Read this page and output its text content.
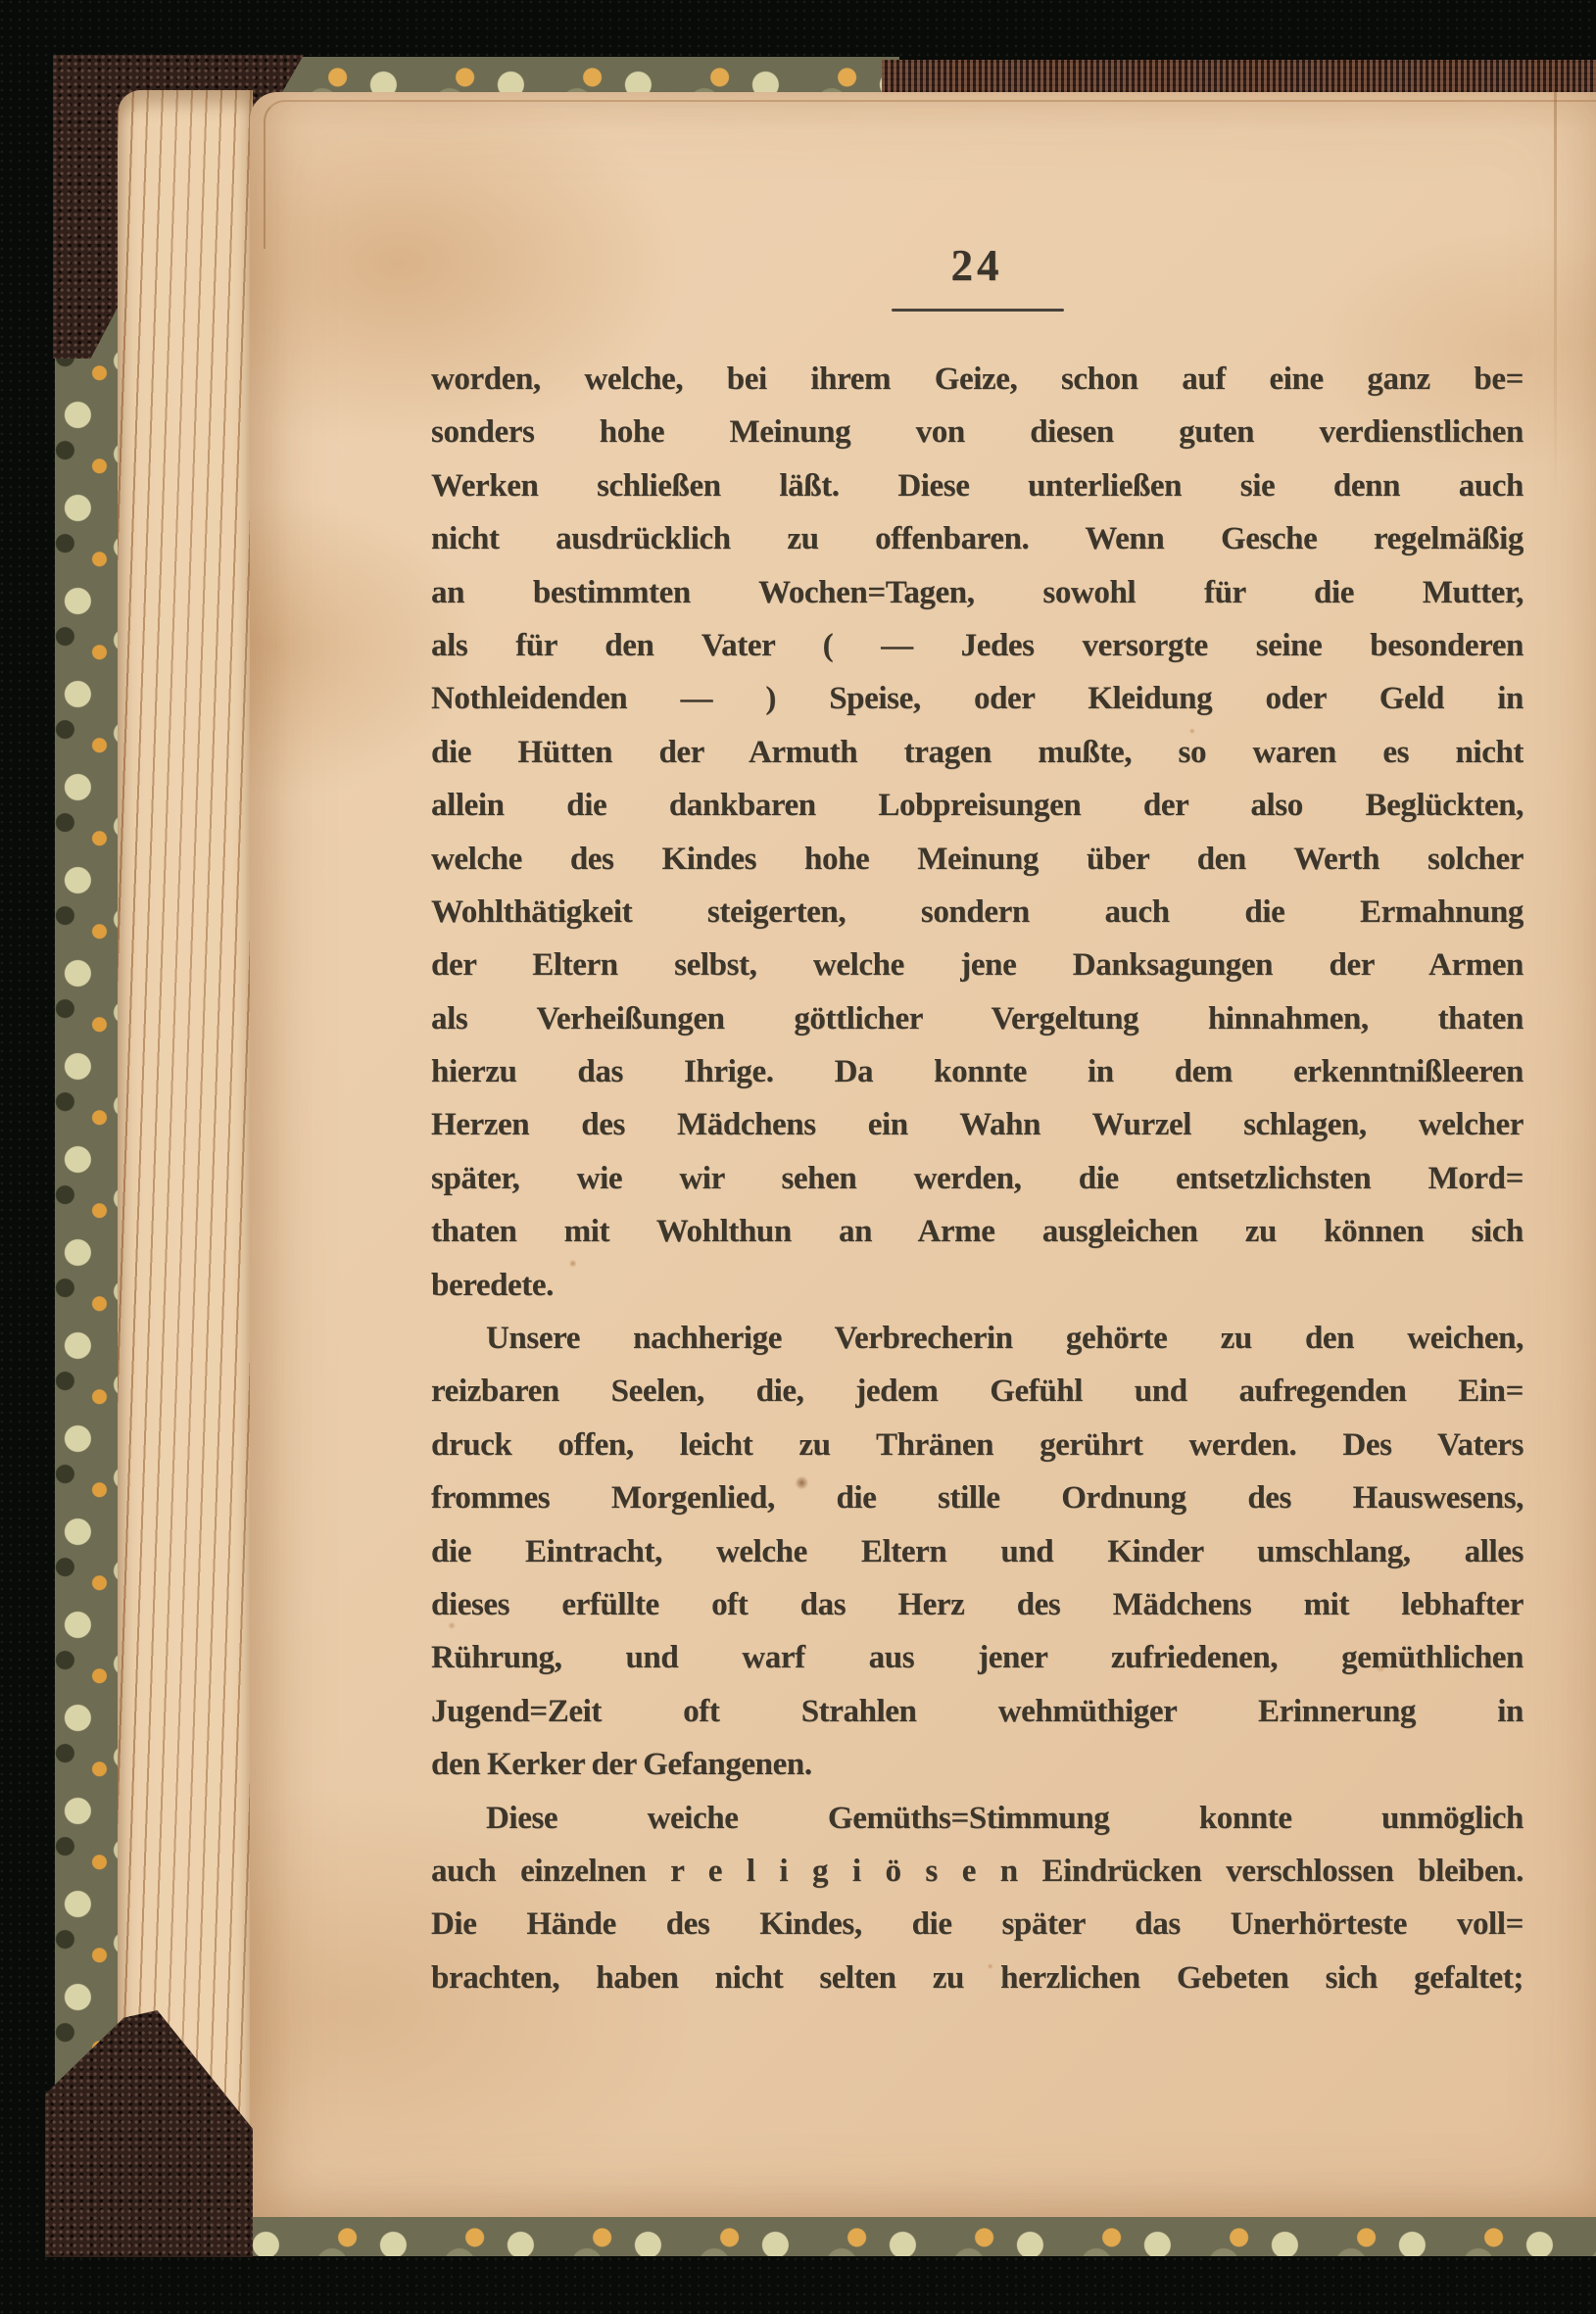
24
worden, welche, bei ihrem Geize, schon auf eine ganz be=
sonders hohe Meinung von diesen guten verdienstlichen
Werken schließen läßt. Diese unterließen sie denn auch
nicht ausdrücklich zu offenbaren. Wenn Gesche regelmäßig
an bestimmten Wochen=Tagen, sowohl für die Mutter,
als für den Vater ( — Jedes versorgte seine besonderen
Nothleidenden — ) Speise, oder Kleidung oder Geld in
die Hütten der Armuth tragen mußte, so waren es nicht
allein die dankbaren Lobpreisungen der also Beglückten,
welche des Kindes hohe Meinung über den Werth solcher
Wohlthätigkeit steigerten, sondern auch die Ermahnung
der Eltern selbst, welche jene Danksagungen der Armen
als Verheißungen göttlicher Vergeltung hinnahmen, thaten
hierzu das Ihrige. Da konnte in dem erkenntnißleeren
Herzen des Mädchens ein Wahn Wurzel schlagen, welcher
später, wie wir sehen werden, die entsetzlichsten Mord=
thaten mit Wohlthun an Arme ausgleichen zu können sich
beredete.
Unsere nachherige Verbrecherin gehörte zu den weichen,
reizbaren Seelen, die, jedem Gefühl und aufregenden Ein=
druck offen, leicht zu Thränen gerührt werden. Des Vaters
frommes Morgenlied, die stille Ordnung des Hauswesens,
die Eintracht, welche Eltern und Kinder umschlang, alles
dieses erfüllte oft das Herz des Mädchens mit lebhafter
Rührung, und warf aus jener zufriedenen, gemüthlichen
Jugend=Zeit oft Strahlen wehmüthiger Erinnerung in
den Kerker der Gefangenen.
Diese weiche Gemüths=Stimmung konnte unmöglich
auch einzelnen r e l i g i ö s e n Eindrücken verschlossen bleiben.
Die Hände des Kindes, die später das Unerhörteste voll=
brachten, haben nicht selten zu herzlichen Gebeten sich gefaltet;
